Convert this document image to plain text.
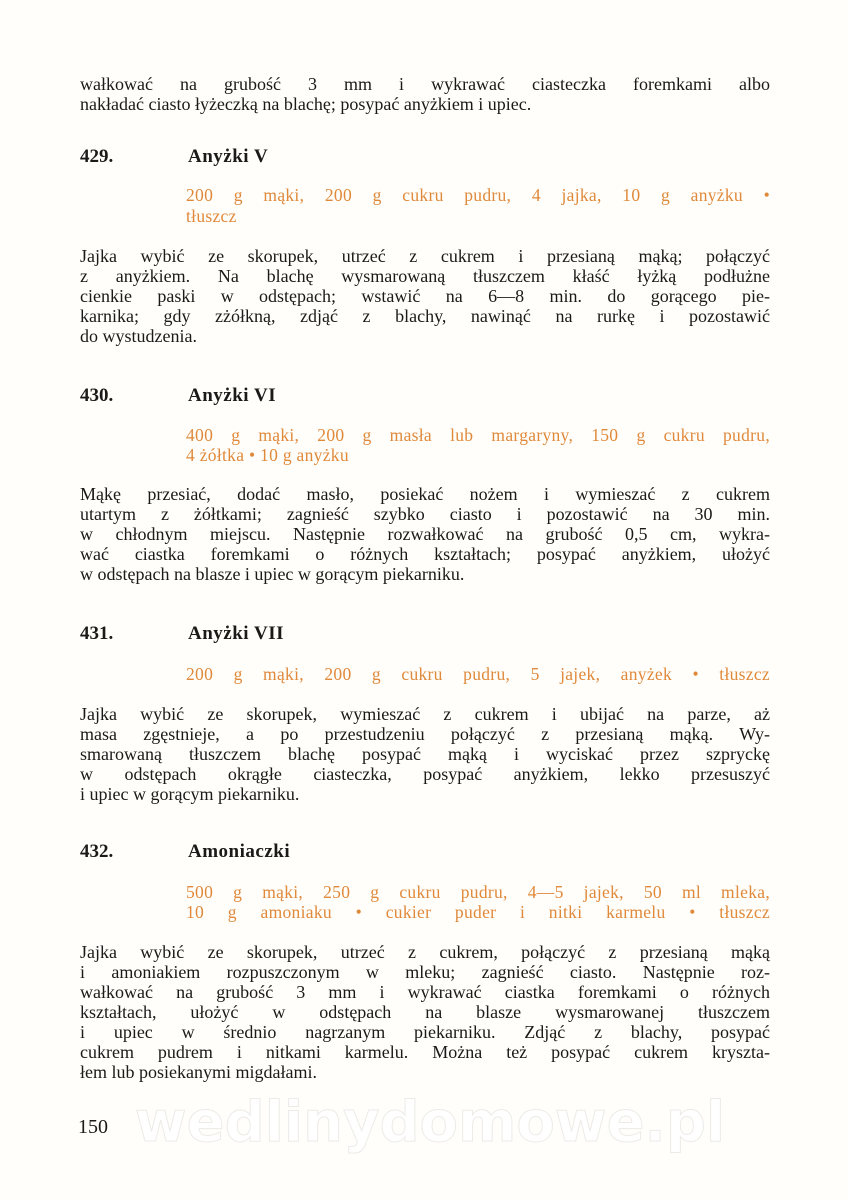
wedlinydomowe.pl
wałkować na grubość 3 mm i wykrawać ciasteczka foremkami albo
nakładać ciasto łyżeczką na blachę; posypać anyżkiem i upiec.
429.	Anyżki V
200 g mąki, 200 g cukru pudru, 4 jajka, 10 g anyżku •
tłuszcz
Jajka wybić ze skorupek, utrzeć z cukrem i przesianą mąką; połączyć
z anyżkiem. Na blachę wysmarowaną tłuszczem kłaść łyżką podłużne
cienkie paski w odstępach; wstawić na 6—8 min. do gorącego pie-
karnika; gdy zżółkną, zdjąć z blachy, nawinąć na rurkę i pozostawić
do wystudzenia.
430.	Anyżki VI
400 g mąki, 200 g masła lub margaryny, 150 g cukru pudru,
4 żółtka • 10 g anyżku
Mąkę przesiać, dodać masło, posiekać nożem i wymieszać z cukrem
utartym z żółtkami; zagnieść szybko ciasto i pozostawić na 30 min.
w chłodnym miejscu. Następnie rozwałkować na grubość 0,5 cm, wykra-
wać ciastka foremkami o różnych kształtach; posypać anyżkiem, ułożyć
w odstępach na blasze i upiec w gorącym piekarniku.
431.	Anyżki VII
200 g mąki, 200 g cukru pudru, 5 jajek, anyżek • tłuszcz
Jajka wybić ze skorupek, wymieszać z cukrem i ubijać na parze, aż
masa zgęstnieje, a po przestudzeniu połączyć z przesianą mąką. Wy-
smarowaną tłuszczem blachę posypać mąką i wyciskać przez szpryckę
w odstępach okrągłe ciasteczka, posypać anyżkiem, lekko przesuszyć
i upiec w gorącym piekarniku.
432.	Amoniaczki
500 g mąki, 250 g cukru pudru, 4—5 jajek, 50 ml mleka,
10 g amoniaku • cukier puder i nitki karmelu • tłuszcz
Jajka wybić ze skorupek, utrzeć z cukrem, połączyć z przesianą mąką
i amoniakiem rozpuszczonym w mleku; zagnieść ciasto. Następnie roz-
wałkować na grubość 3 mm i wykrawać ciastka foremkami o różnych
kształtach, ułożyć w odstępach na blasze wysmarowanej tłuszczem
i upiec w średnio nagrzanym piekarniku. Zdjąć z blachy, posypać
cukrem pudrem i nitkami karmelu. Można też posypać cukrem kryszta-
łem lub posiekanymi migdałami.
150
